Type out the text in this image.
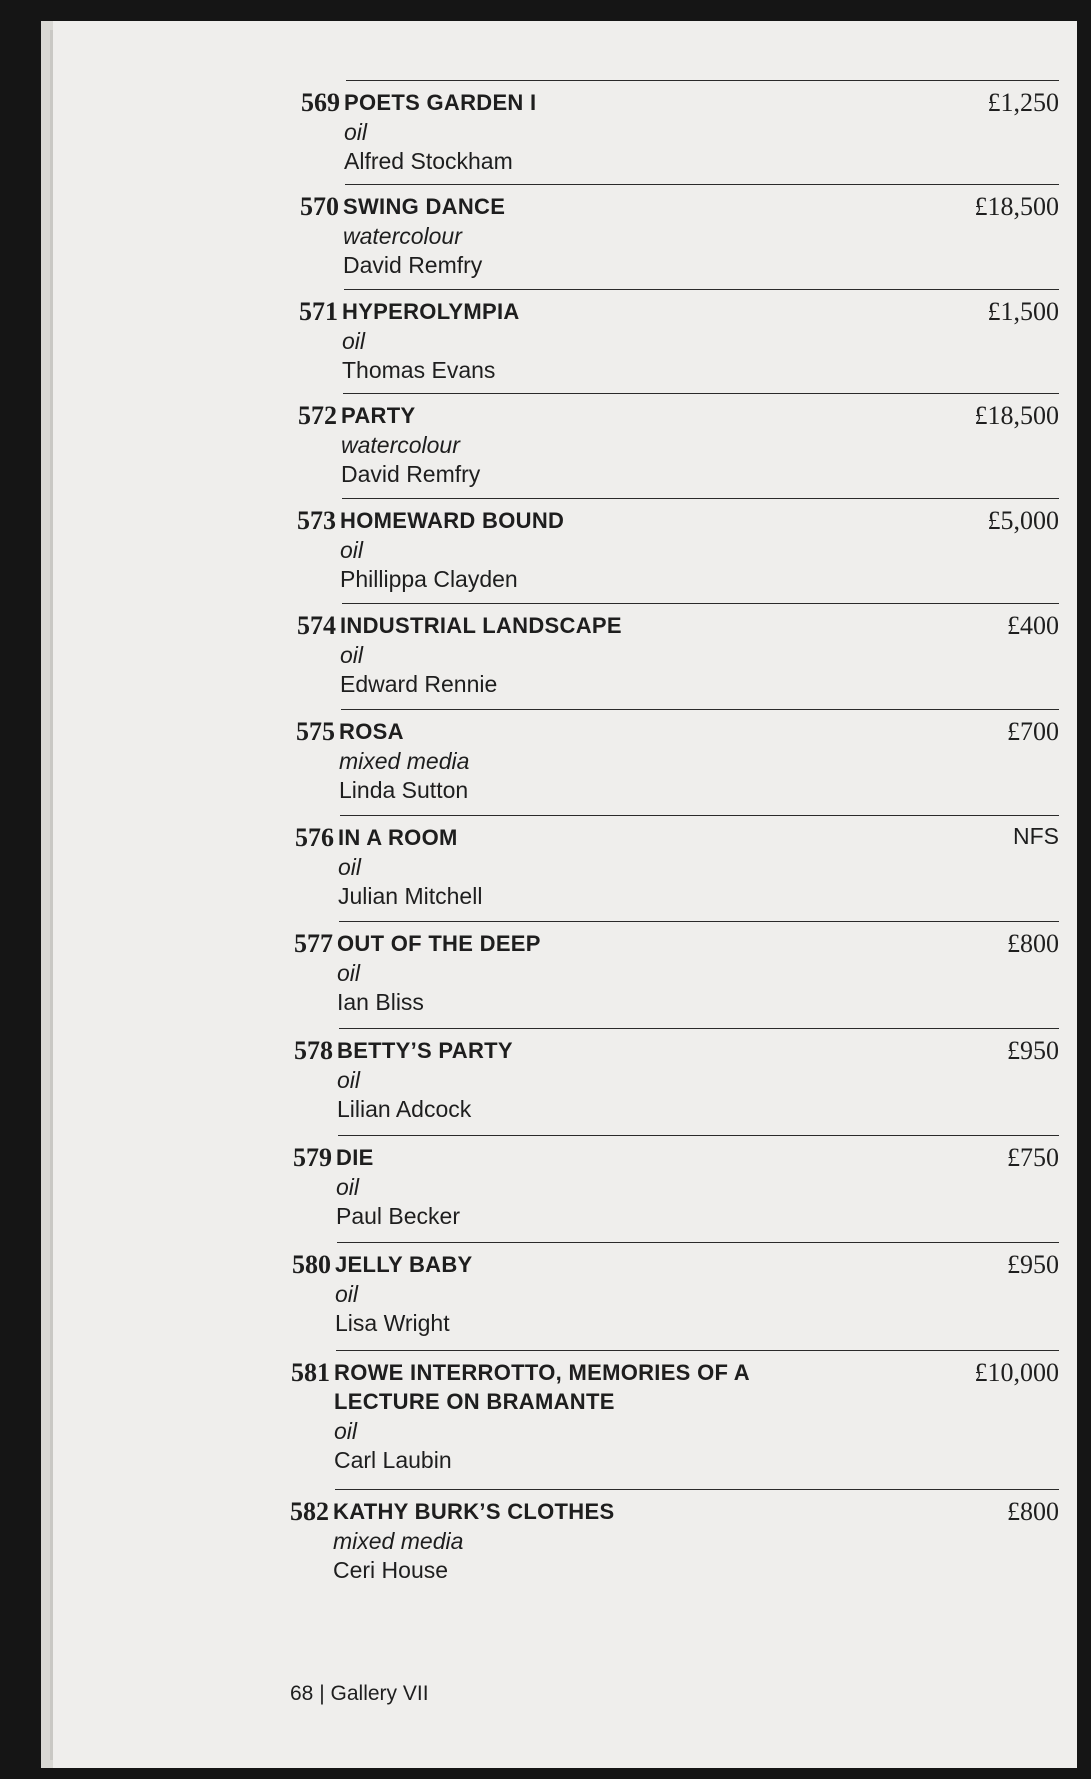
569 POETS GARDEN I
oil
Alfred Stockham
£1,250
570 SWING DANCE
watercolour
David Remfry
£18,500
571 HYPEROLYMPIA
oil
Thomas Evans
£1,500
572 PARTY
watercolour
David Remfry
£18,500
573 HOMEWARD BOUND
oil
Phillippa Clayden
£5,000
574 INDUSTRIAL LANDSCAPE
oil
Edward Rennie
£400
575 ROSA
mixed media
Linda Sutton
£700
576 IN A ROOM
oil
Julian Mitchell
NFS
577 OUT OF THE DEEP
oil
Ian Bliss
£800
578 BETTY’S PARTY
oil
Lilian Adcock
£950
579 DIE
oil
Paul Becker
£750
580 JELLY BABY
oil
Lisa Wright
£950
581 ROWE INTERROTTO, MEMORIES OF A LECTURE ON BRAMANTE
oil
Carl Laubin
£10,000
582 KATHY BURK’S CLOTHES
mixed media
Ceri House
£800
68 | Gallery VII
